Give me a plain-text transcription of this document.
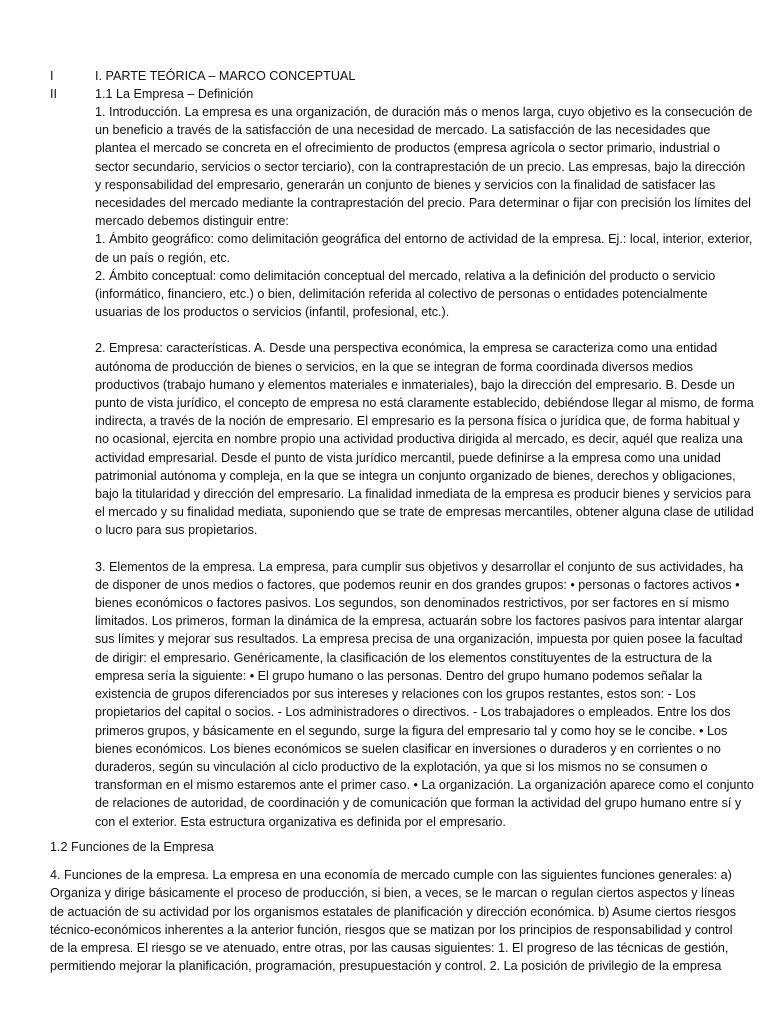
I	I. PARTE TEÓRICA – MARCO CONCEPTUAL
II	1.1 La Empresa – Definición

1. Introducción. La empresa es una organización, de duración más o menos larga, cuyo objetivo es la consecución de un beneficio a través de la satisfacción de una necesidad de mercado. La satisfacción de las necesidades que plantea el mercado se concreta en el ofrecimiento de productos (empresa agrícola o sector primario, industrial o sector secundario, servicios o sector terciario), con la contraprestación de un precio. Las empresas, bajo la dirección y responsabilidad del empresario, generarán un conjunto de bienes y servicios con la finalidad de satisfacer las necesidades del mercado mediante la contraprestación del precio. Para determinar o fijar con precisión los límites del mercado debemos distinguir entre:

1. Ámbito geográfico: como delimitación geográfica del entorno de actividad de la empresa. Ej.: local, interior, exterior, de un país o región, etc.

2. Ámbito conceptual: como delimitación conceptual del mercado, relativa a la definición del producto o servicio (informático, financiero, etc.) o bien, delimitación referida al colectivo de personas o entidades potencialmente usuarias de los productos o servicios (infantil, profesional, etc.).

2. Empresa: características. A. Desde una perspectiva económica, la empresa se caracteriza como una entidad autónoma de producción de bienes o servicios, en la que se integran de forma coordinada diversos medios productivos (trabajo humano y elementos materiales e inmateriales), bajo la dirección del empresario. B. Desde un punto de vista jurídico, el concepto de empresa no está claramente establecido, debiéndose llegar al mismo, de forma indirecta, a través de la noción de empresario. El empresario es la persona física o jurídica que, de forma habitual y no ocasional, ejercita en nombre propio una actividad productiva dirigida al mercado, es decir, aquél que realiza una actividad empresarial. Desde el punto de vista jurídico mercantil, puede definirse a la empresa como una unidad patrimonial autónoma y compleja, en la que se integra un conjunto organizado de bienes, derechos y obligaciones, bajo la titularidad y dirección del empresario. La finalidad inmediata de la empresa es producir bienes y servicios para el mercado y su finalidad mediata, suponiendo que se trate de empresas mercantiles, obtener alguna clase de utilidad o lucro para sus propietarios.

3. Elementos de la empresa. La empresa, para cumplir sus objetivos y desarrollar el conjunto de sus actividades, ha de disponer de unos medios o factores, que podemos reunir en dos grandes grupos: • personas o factores activos • bienes económicos o factores pasivos. Los segundos, son denominados restrictivos, por ser factores en sí mismo limitados. Los primeros, forman la dinámica de la empresa, actuarán sobre los factores pasivos para intentar alargar sus límites y mejorar sus resultados. La empresa precisa de una organización, impuesta por quien posee la facultad de dirigir: el empresario. Genéricamente, la clasificación de los elementos constituyentes de la estructura de la empresa sería la siguiente: • El grupo humano o las personas. Dentro del grupo humano podemos señalar la existencia de grupos diferenciados por sus intereses y relaciones con los grupos restantes, estos son: - Los propietarios del capital o socios. - Los administradores o directivos. - Los trabajadores o empleados. Entre los dos primeros grupos, y básicamente en el segundo, surge la figura del empresario tal y como hoy se le concibe. • Los bienes económicos. Los bienes económicos se suelen clasificar en inversiones o duraderos y en corrientes o no duraderos, según su vinculación al ciclo productivo de la explotación, ya que si los mismos no se consumen o transforman en el mismo estaremos ante el primer caso. • La organización. La organización aparece como el conjunto de relaciones de autoridad, de coordinación y de comunicación que forman la actividad del grupo humano entre sí y con el exterior. Esta estructura organizativa es definida por el empresario.

1.2 Funciones de la Empresa

4. Funciones de la empresa. La empresa en una economía de mercado cumple con las siguientes funciones generales: a) Organiza y dirige básicamente el proceso de producción, si bien, a veces, se le marcan o regulan ciertos aspectos y líneas de actuación de su actividad por los organismos estatales de planificación y dirección económica. b) Asume ciertos riesgos técnico-económicos inherentes a la anterior función, riesgos que se matizan por los principios de responsabilidad y control de la empresa. El riesgo se ve atenuado, entre otras, por las causas siguientes: 1. El progreso de las técnicas de gestión, permitiendo mejorar la planificación, programación, presupuestación y control. 2. La posición de privilegio de la empresa
